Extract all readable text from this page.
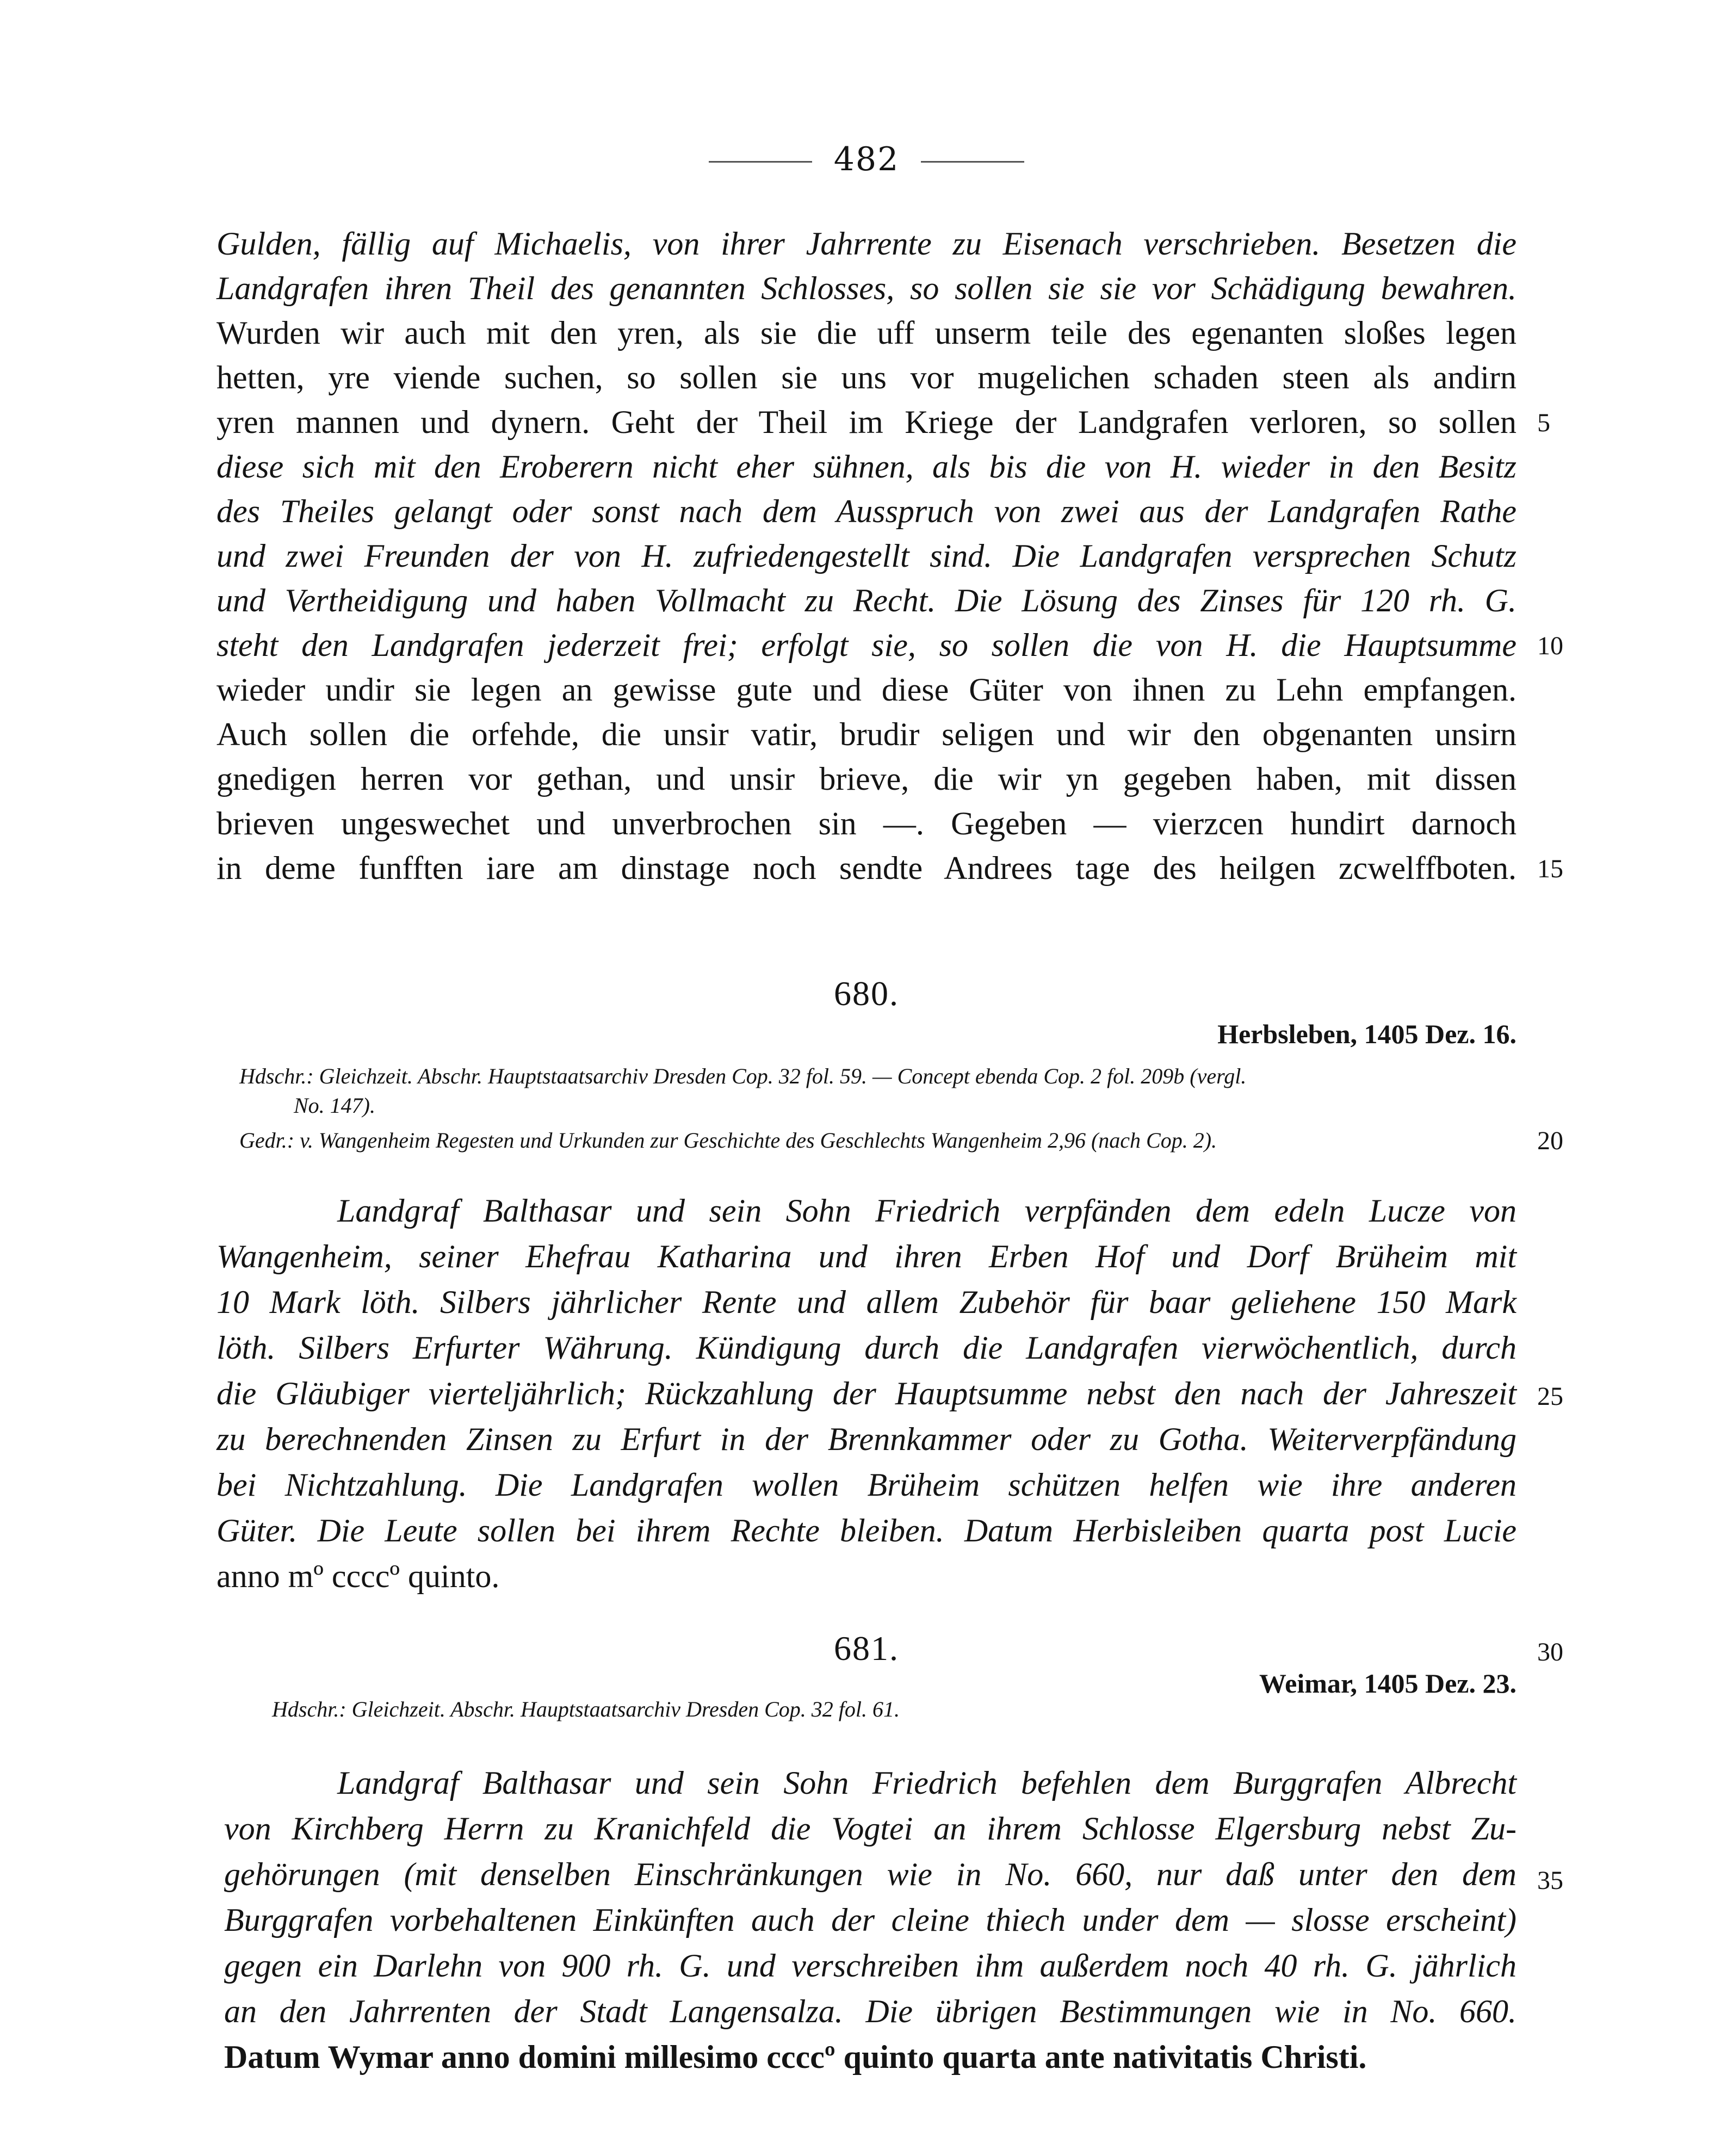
482
Gulden, fällig auf Michaelis, von ihrer Jahrrente zu Eisenach verschrieben. Besetzen die
Landgrafen ihren Theil des genannten Schlosses, so sollen sie sie vor Schädigung bewahren.
Wurden wir auch mit den yren, als sie die uff unserm teile des egenanten sloßes legen
hetten, yre viende suchen, so sollen sie uns vor mugelichen schaden steen als andirn
yren mannen und dynern. Geht der Theil im Kriege der Landgrafen verloren, so sollen
diese sich mit den Eroberern nicht eher sühnen, als bis die von H. wieder in den Besitz
des Theiles gelangt oder sonst nach dem Ausspruch von zwei aus der Landgrafen Rathe
und zwei Freunden der von H. zufriedengestellt sind. Die Landgrafen versprechen Schutz
und Vertheidigung und haben Vollmacht zu Recht. Die Lösung des Zinses für 120 rh. G.
steht den Landgrafen jederzeit frei; erfolgt sie, so sollen die von H. die Hauptsumme
wieder undir sie legen an gewisse gute und diese Güter von ihnen zu Lehn empfangen.
Auch sollen die orfehde, die unsir vatir, brudir seligen und wir den obgenanten unsirn
gnedigen herren vor gethan, und unsir brieve, die wir yn gegeben haben, mit dissen
brieven ungeswechet und unverbrochen sin —. Gegeben — vierzcen hundirt darnoch
in deme funfften iare am dinstage noch sendte Andrees tage des heilgen zcwelffboten.
5
10
15
20
25
30
35
680.
Herbsleben, 1405 Dez. 16.
Hdschr.: Gleichzeit. Abschr. Hauptstaatsarchiv Dresden Cop. 32 fol. 59. — Concept ebenda Cop. 2 fol. 209b (vergl.
No. 147).
Gedr.: v. Wangenheim Regesten und Urkunden zur Geschichte des Geschlechts Wangenheim 2,96 (nach Cop. 2).
Landgraf Balthasar und sein Sohn Friedrich verpfänden dem edeln Lucze von
Wangenheim, seiner Ehefrau Katharina und ihren Erben Hof und Dorf Brüheim mit
10 Mark löth. Silbers jährlicher Rente und allem Zubehör für baar geliehene 150 Mark
löth. Silbers Erfurter Währung. Kündigung durch die Landgrafen vierwöchentlich, durch
die Gläubiger vierteljährlich; Rückzahlung der Hauptsumme nebst den nach der Jahreszeit
zu berechnenden Zinsen zu Erfurt in der Brennkammer oder zu Gotha. Weiterverpfändung
bei Nichtzahlung. Die Landgrafen wollen Brüheim schützen helfen wie ihre anderen
Güter. Die Leute sollen bei ihrem Rechte bleiben. Datum Herbisleiben quarta post Lucie
anno mº ccccº quinto.
681.
Weimar, 1405 Dez. 23.
Hdschr.: Gleichzeit. Abschr. Hauptstaatsarchiv Dresden Cop. 32 fol. 61.
Landgraf Balthasar und sein Sohn Friedrich befehlen dem Burggrafen Albrecht
von Kirchberg Herrn zu Kranichfeld die Vogtei an ihrem Schlosse Elgersburg nebst Zu-
gehörungen (mit denselben Einschränkungen wie in No. 660, nur daß unter den dem
Burggrafen vorbehaltenen Einkünften auch der cleine thiech under dem — slosse erscheint)
gegen ein Darlehn von 900 rh. G. und verschreiben ihm außerdem noch 40 rh. G. jährlich
an den Jahrrenten der Stadt Langensalza. Die übrigen Bestimmungen wie in No. 660.
Datum Wymar anno domini millesimo ccccº quinto quarta ante nativitatis Christi.
